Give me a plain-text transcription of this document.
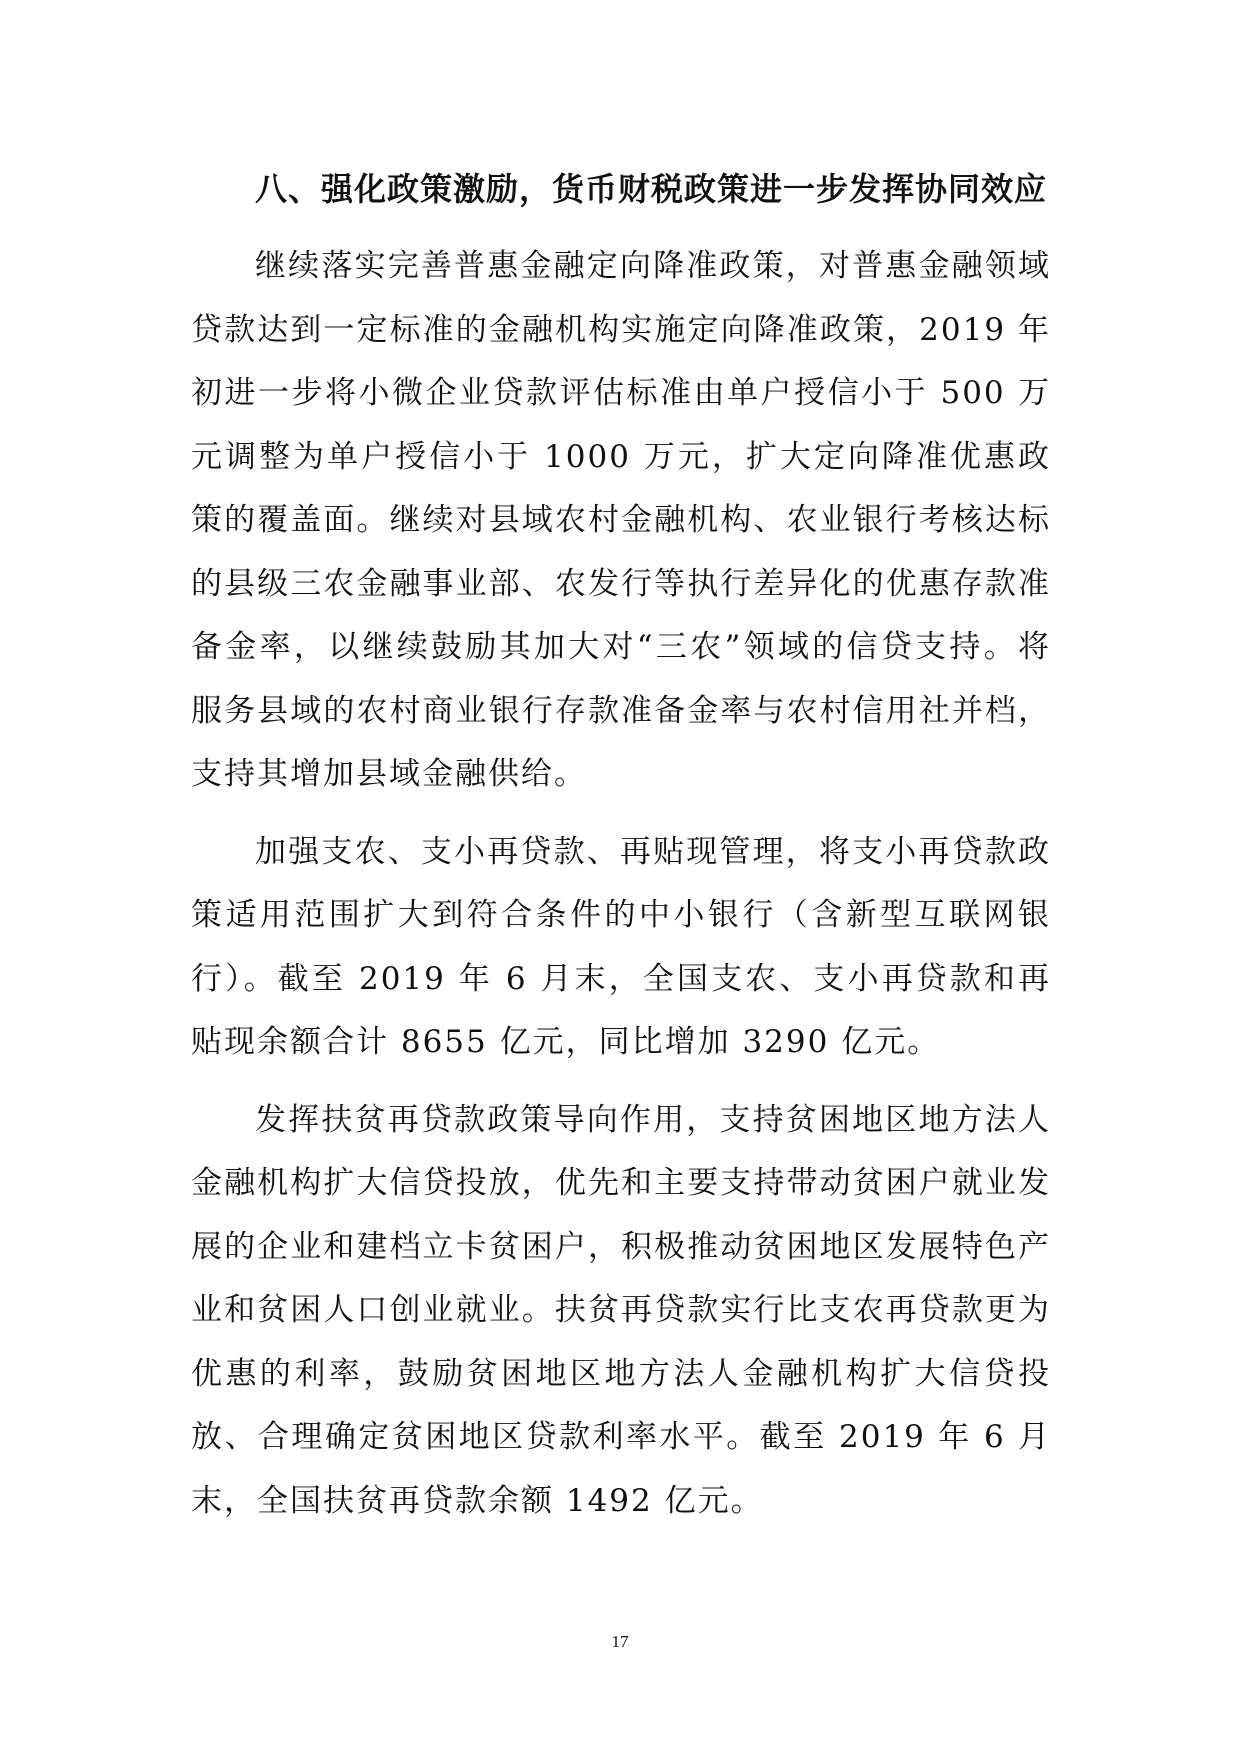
八、强化政策激励，货币财税政策进一步发挥协同效应

继续落实完善普惠金融定向降准政策，对普惠金融领域贷款达到一定标准的金融机构实施定向降准政策，2019 年初进一步将小微企业贷款评估标准由单户授信小于 500 万元调整为单户授信小于 1000 万元，扩大定向降准优惠政策的覆盖面。继续对县域农村金融机构、农业银行考核达标的县级三农金融事业部、农发行等执行差异化的优惠存款准备金率，以继续鼓励其加大对“三农”领域的信贷支持。将服务县域的农村商业银行存款准备金率与农村信用社并档，支持其增加县域金融供给。

加强支农、支小再贷款、再贴现管理，将支小再贷款政策适用范围扩大到符合条件的中小银行（含新型互联网银行）。截至 2019 年 6 月末，全国支农、支小再贷款和再贴现余额合计 8655 亿元，同比增加 3290 亿元。

发挥扶贫再贷款政策导向作用，支持贫困地区地方法人金融机构扩大信贷投放，优先和主要支持带动贫困户就业发展的企业和建档立卡贫困户，积极推动贫困地区发展特色产业和贫困人口创业就业。扶贫再贷款实行比支农再贷款更为优惠的利率，鼓励贫困地区地方法人金融机构扩大信贷投放、合理确定贫困地区贷款利率水平。截至 2019 年 6 月末，全国扶贫再贷款余额 1492 亿元。

17
